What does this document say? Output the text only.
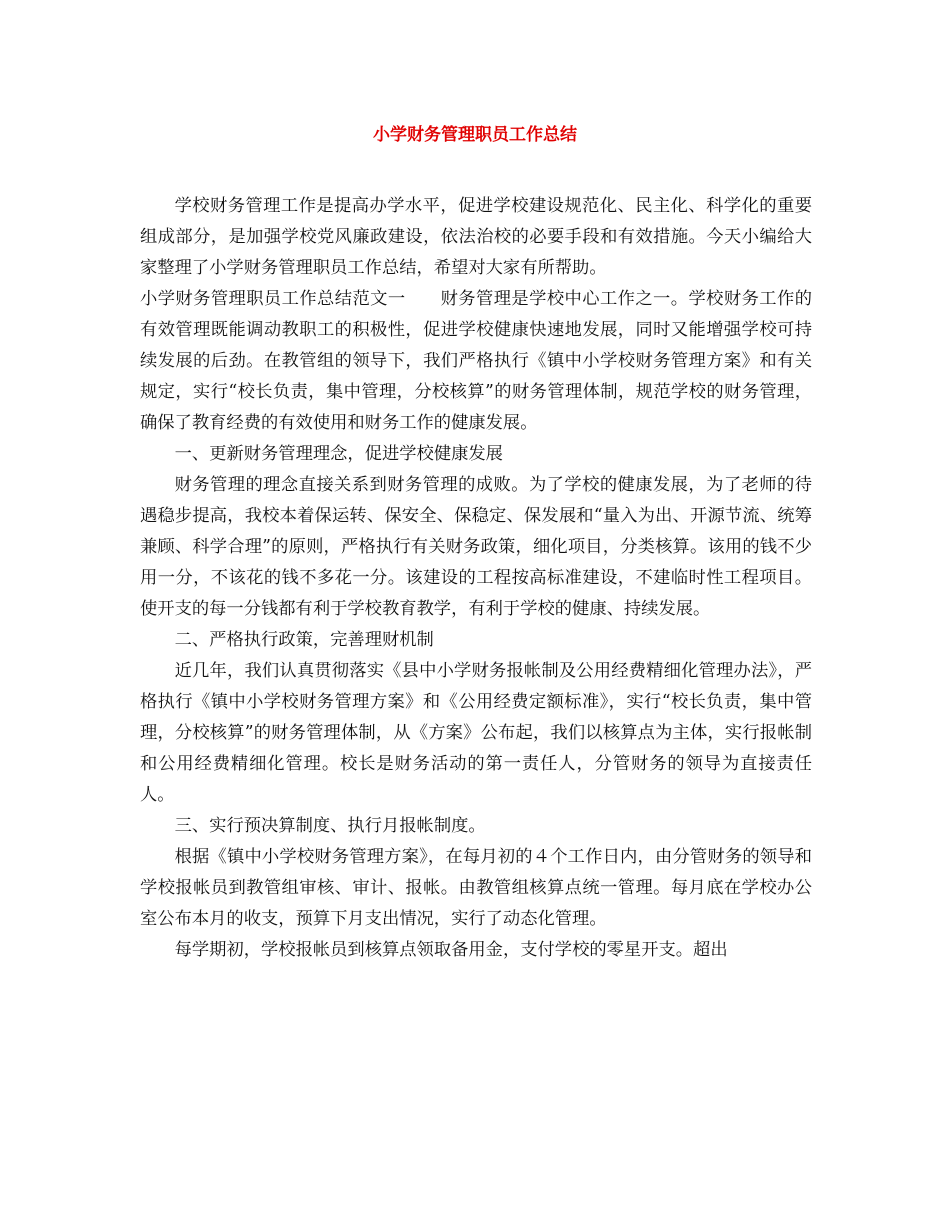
小学财务管理职员工作总结

学校财务管理工作是提高办学水平，促进学校建设规范化、民主化、科学化的重要组成部分，是加强学校党风廉政建设，依法治校的必要手段和有效措施。今天小编给大家整理了小学财务管理职员工作总结，希望对大家有所帮助。

小学财务管理职员工作总结范文一 财务管理是学校中心工作之一。学校财务工作的有效管理既能调动教职工的积极性，促进学校健康快速地发展，同时又能增强学校可持续发展的后劲。在教管组的领导下，我们严格执行《镇中小学校财务管理方案》和有关规定，实行“校长负责，集中管理，分校核算”的财务管理体制，规范学校的财务管理，确保了教育经费的有效使用和财务工作的健康发展。

一、更新财务管理理念，促进学校健康发展

财务管理的理念直接关系到财务管理的成败。为了学校的健康发展，为了老师的待遇稳步提高，我校本着保运转、保安全、保稳定、保发展和“量入为出、开源节流、统筹兼顾、科学合理”的原则，严格执行有关财务政策，细化项目，分类核算。该用的钱不少用一分，不该花的钱不多花一分。该建设的工程按高标准建设，不建临时性工程项目。使开支的每一分钱都有利于学校教育教学，有利于学校的健康、持续发展。

二、严格执行政策，完善理财机制

近几年，我们认真贯彻落实《县中小学财务报帐制及公用经费精细化管理办法》，严格执行《镇中小学校财务管理方案》和《公用经费定额标准》，实行“校长负责，集中管理，分校核算”的财务管理体制，从《方案》公布起，我们以核算点为主体，实行报帐制和公用经费精细化管理。校长是财务活动的第一责任人，分管财务的领导为直接责任人。

三、实行预决算制度、执行月报帐制度。

根据《镇中小学校财务管理方案》，在每月初的４个工作日内，由分管财务的领导和学校报帐员到教管组审核、审计、报帐。由教管组核算点统一管理。每月底在学校办公室公布本月的收支，预算下月支出情况，实行了动态化管理。

每学期初，学校报帐员到核算点领取备用金，支付学校的零星开支。超出
